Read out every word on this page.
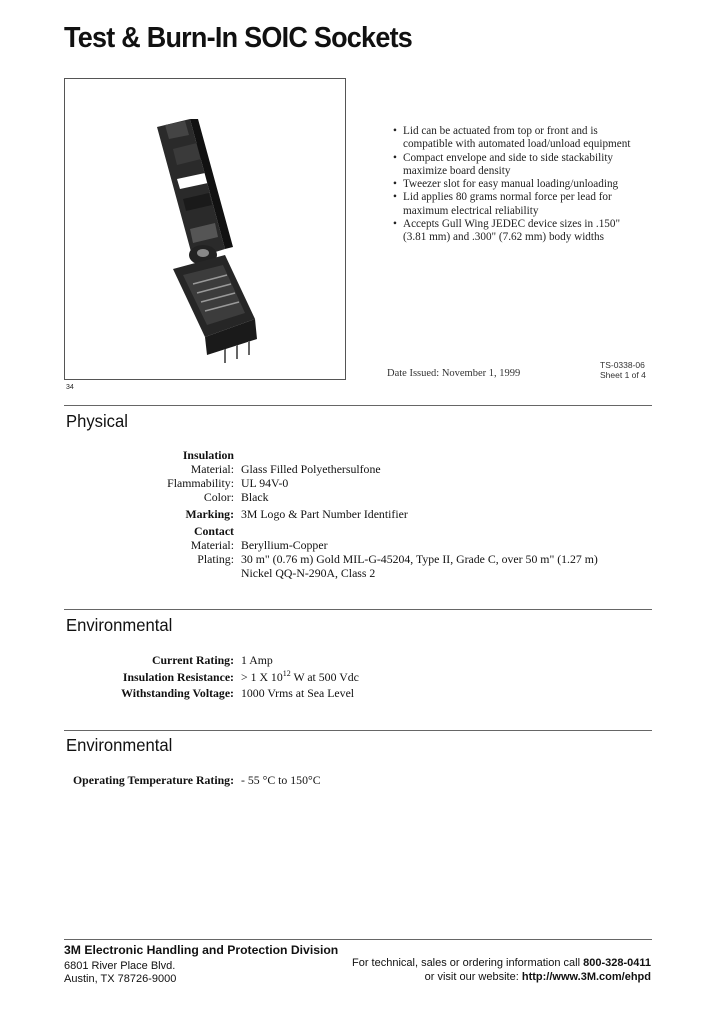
Test & Burn-In SOIC Sockets
34
• Lid can be actuated from top or front and is compatible with automated load/unload equipment
• Compact envelope and side to side stackability maximize board density
• Tweezer slot for easy manual loading/unloading
• Lid applies 80 grams normal force per lead for maximum electrical reliability
• Accepts Gull Wing JEDEC device sizes in .150" (3.81 mm) and .300" (7.62 mm) body widths
Date Issued: November 1, 1999
TS-0338-06
Sheet 1 of 4
Physical
Insulation
Material: Glass Filled Polyethersulfone
Flammability: UL 94V-0
Color: Black
Marking: 3M Logo & Part Number Identifier
Contact
Material: Beryllium-Copper
Plating: 30 m" (0.76 m) Gold MIL-G-45204, Type II, Grade C, over 50 m" (1.27 m)
Nickel QQ-N-290A, Class 2
Environmental
Current Rating: 1 Amp
Insulation Resistance: > 1 X $10^{12}$ W at 500 Vdc
Withstanding Voltage: 1000 Vrms at Sea Level
Environmental
Operating Temperature Rating: - 55 °C to 150°C
3M Electronic Handling and Protection Division
6801 River Place Blvd.
Austin, TX 78726-9000
For technical, sales or ordering information call 800-328-0411
or visit our website: http://www.3M.com/ehpd
